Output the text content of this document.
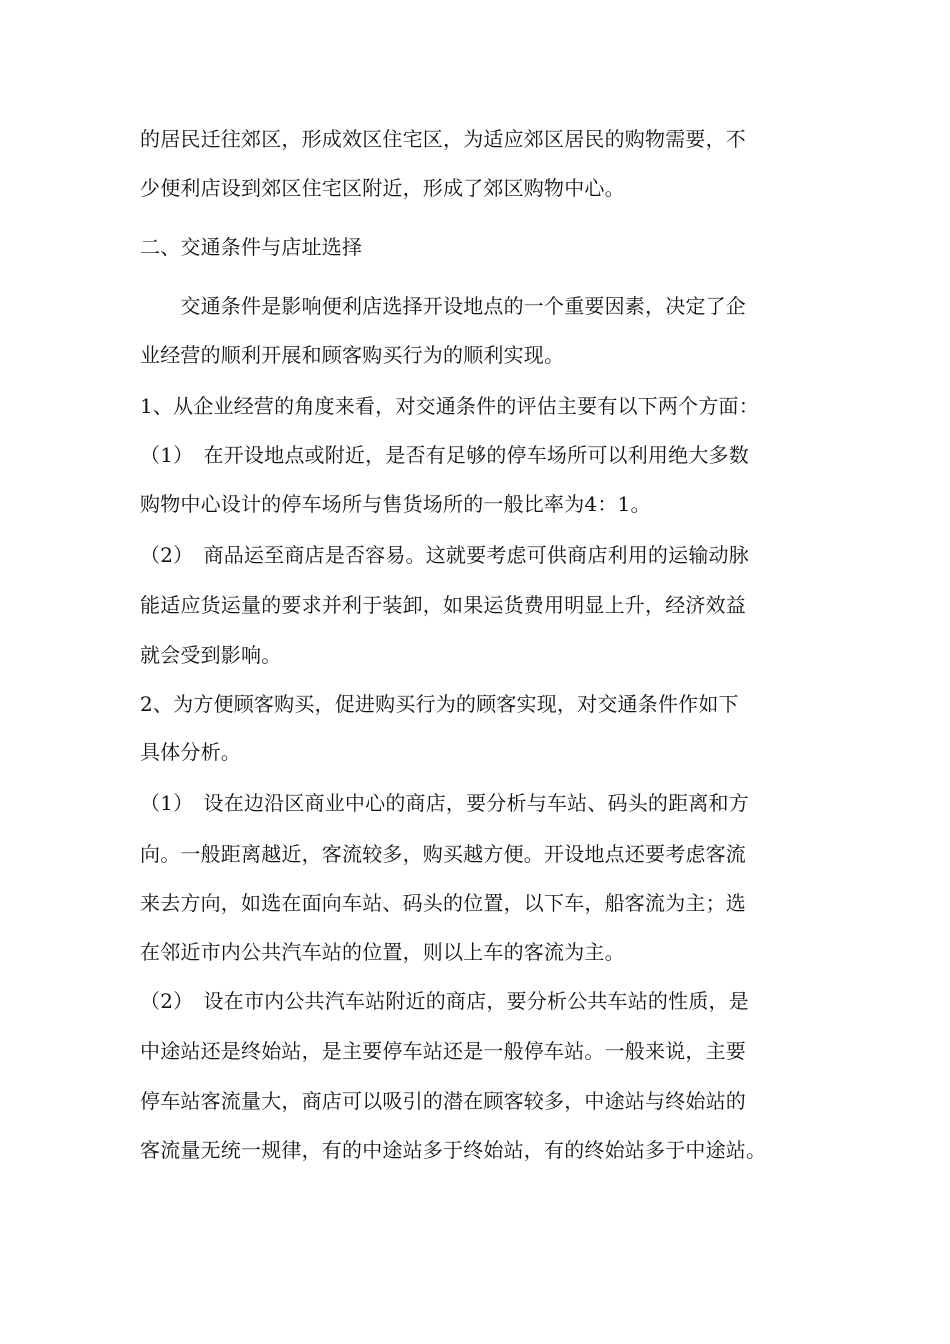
的居民迁往郊区，形成效区住宅区，为适应郊区居民的购物需要，不
少便利店设到郊区住宅区附近，形成了郊区购物中心。
二、交通条件与店址选择
　　交通条件是影响便利店选择开设地点的一个重要因素，决定了企
业经营的顺利开展和顾客购买行为的顺利实现。
1、从企业经营的角度来看，对交通条件的评估主要有以下两个方面：
（1）　在开设地点或附近，是否有足够的停车场所可以利用绝大多数
购物中心设计的停车场所与售货场所的一般比率为4：1。
（2）　商品运至商店是否容易。这就要考虑可供商店利用的运输动脉
能适应货运量的要求并利于装卸，如果运货费用明显上升，经济效益
就会受到影响。
2、为方便顾客购买，促进购买行为的顾客实现，对交通条件作如下
具体分析。
（1）　设在边沿区商业中心的商店，要分析与车站、码头的距离和方
向。一般距离越近，客流较多，购买越方便。开设地点还要考虑客流
来去方向，如选在面向车站、码头的位置，以下车，船客流为主；选
在邻近市内公共汽车站的位置，则以上车的客流为主。
（2）　设在市内公共汽车站附近的商店，要分析公共车站的性质，是
中途站还是终始站，是主要停车站还是一般停车站。一般来说，主要
停车站客流量大，商店可以吸引的潜在顾客较多，中途站与终始站的
客流量无统一规律，有的中途站多于终始站，有的终始站多于中途站。
